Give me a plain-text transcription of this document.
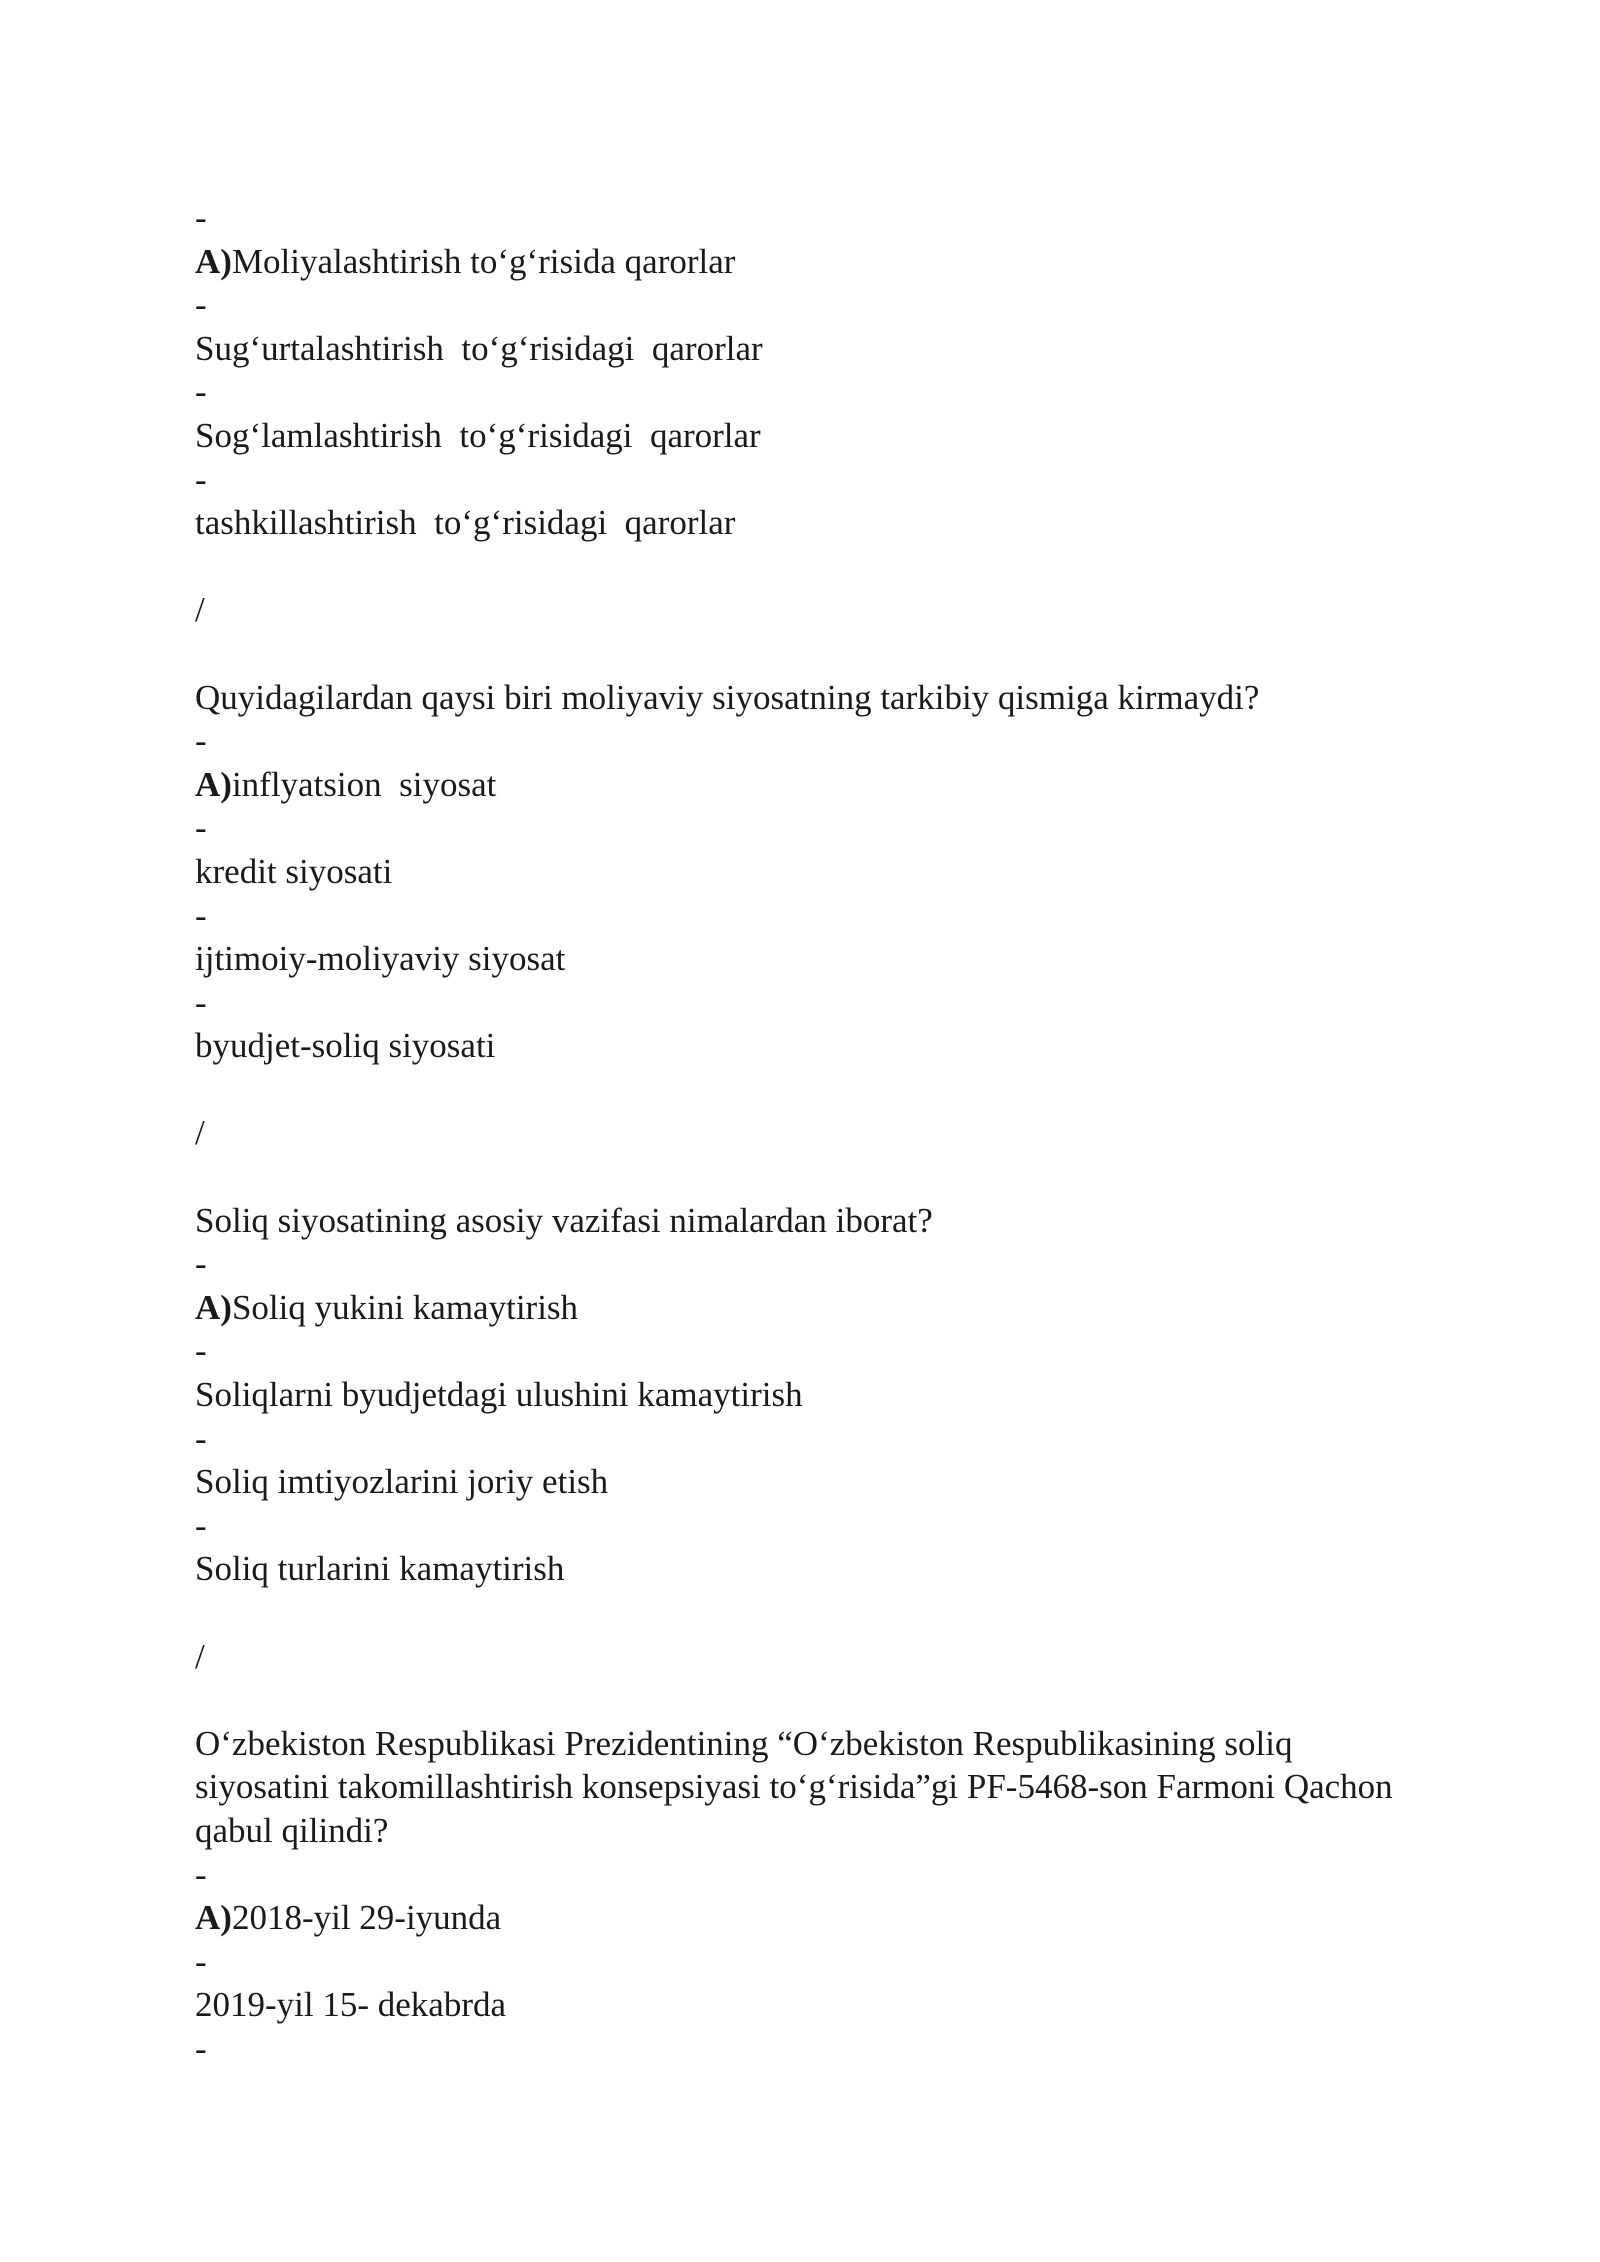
-
A)Moliyalashtirish to‘g‘risida qarorlar
-
Sug‘urtalashtirish  to‘g‘risidagi  qarorlar
-
Sog‘lamlashtirish  to‘g‘risidagi  qarorlar
-
tashkillashtirish  to‘g‘risidagi  qarorlar
/
Quyidagilardan qaysi biri moliyaviy siyosatning tarkibiy qismiga kirmaydi?
-
A)inflyatsion  siyosat
-
kredit siyosati
-
ijtimoiy-moliyaviy siyosat
-
byudjet-soliq siyosati
/
Soliq siyosatining asosiy vazifasi nimalardan iborat?
-
A)Soliq yukini kamaytirish
-
Soliqlarni byudjetdagi ulushini kamaytirish
-
Soliq imtiyozlarini joriy etish
-
Soliq turlarini kamaytirish
/
O‘zbekiston Respublikasi Prezidentining “O‘zbekiston Respublikasining soliq siyosatini takomillashtirish konsepsiyasi to‘g‘risida”gi PF-5468-son Farmoni Qachon qabul qilindi?
-
A)2018-yil 29-iyunda
-
2019-yil 15- dekabrda
-
